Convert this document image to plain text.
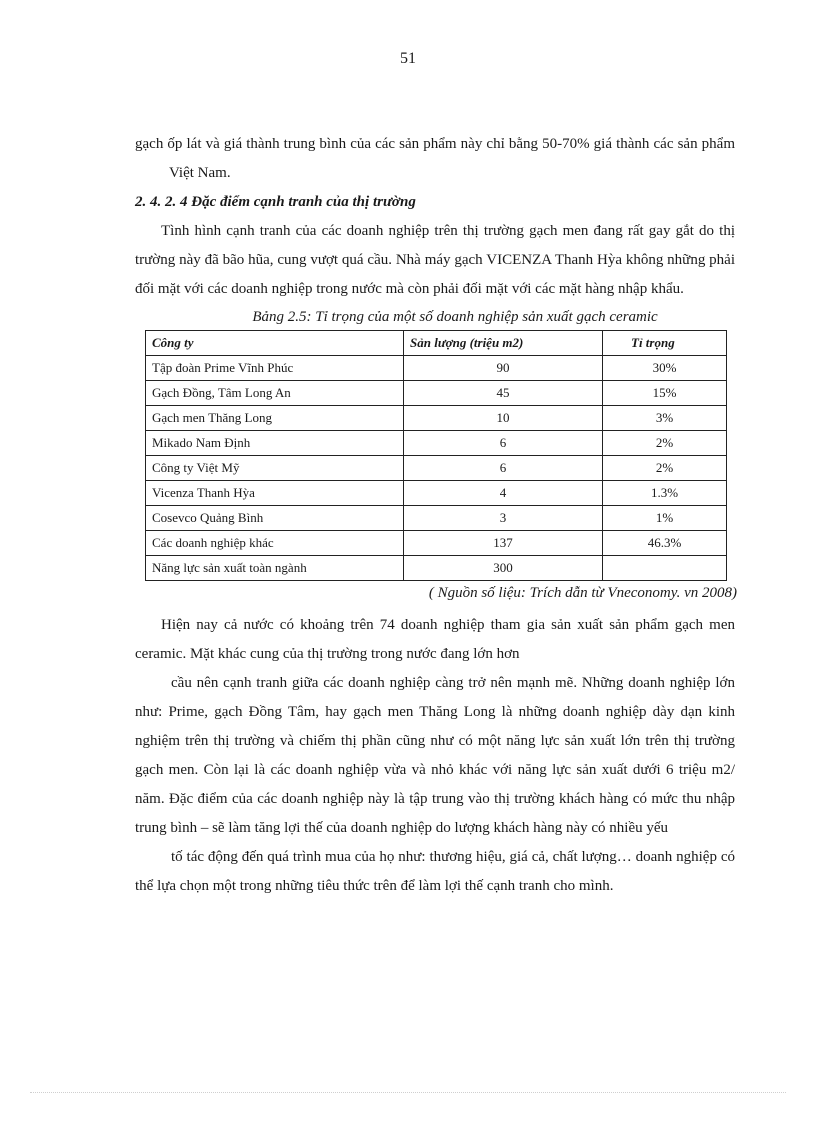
51

gạch ốp lát và giá thành trung bình của các sản phẩm này chỉ bằng 50-70% giá thành các sản phẩm Việt Nam.

2. 4. 2. 4 Đặc điểm cạnh tranh của thị trường

Tình hình cạnh tranh của các doanh nghiệp trên thị trường gạch men đang rất gay gắt do thị trường này đã bão hũa, cung vượt quá cầu. Nhà máy gạch VICENZA Thanh Hỳa không những phải đối mặt với các doanh nghiệp trong nước mà còn phải đối mặt với các mặt hàng nhập khẩu.

Bảng 2.5: Tỉ trọng của một số doanh nghiệp sản xuất gạch ceramic
Công ty	Sản lượng (triệu m2)	Tỉ trọng
Tập đoàn Prime Vĩnh Phúc	90	30%
Gạch Đồng, Tâm Long An	45	15%
Gạch men Thăng Long	10	3%
Mikado Nam Định	6	2%
Công ty Việt Mỹ	6	2%
Vicenza Thanh Hỳa	4	1.3%
Cosevco Quảng Bình	3	1%
Các doanh nghiệp khác	137	46.3%
Năng lực sản xuất toàn ngành	300	
( Nguồn số liệu: Trích dẫn từ Vneconomy. vn 2008)

Hiện nay cả nước có khoảng trên 74 doanh nghiệp tham gia sản xuất sản phẩm gạch men ceramic. Mặt khác cung của thị trường trong nước đang lớn hơn

cầu nên cạnh tranh giữa các doanh nghiệp càng trở nên mạnh mẽ. Những doanh nghiệp lớn như: Prime, gạch Đồng Tâm, hay gạch men Thăng Long là những doanh nghiệp dày dạn kinh nghiệm trên thị trường và chiếm thị phần cũng như có một năng lực sản xuất lớn trên thị trường gạch men. Còn lại là các doanh nghiệp vừa và nhỏ khác với năng lực sản xuất dưới 6 triệu m2/ năm. Đặc điểm của các doanh nghiệp này là tập trung vào thị trường khách hàng có mức thu nhập trung bình – sẽ làm tăng lợi thế của doanh nghiệp do lượng khách hàng này có nhiều yếu

tố tác động đến quá trình mua của họ như: thương hiệu, giá cả, chất lượng… doanh nghiệp có thể lựa chọn một trong những tiêu thức trên để làm lợi thế cạnh tranh cho mình.
